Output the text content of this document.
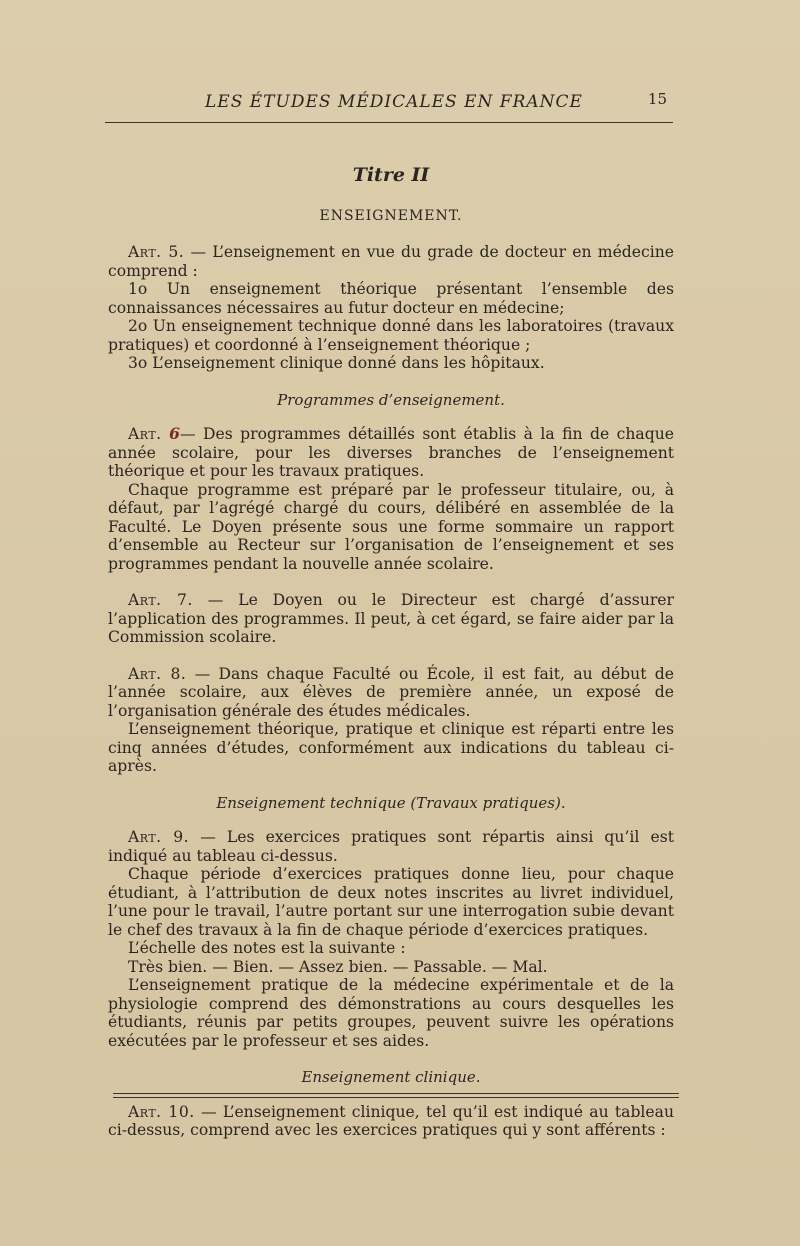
LES ÉTUDES MÉDICALES EN FRANCE	15
Titre II
ENSEIGNEMENT.

Art. 5. — L’enseignement en vue du grade de docteur en médecine comprend :

1o Un enseignement théorique présentant l’ensemble des connaissances nécessaires au futur docteur en médecine;

2o Un enseignement technique donné dans les laboratoires (travaux pratiques) et coordonné à l’enseignement théorique ;

3o L’enseignement clinique donné dans les hôpitaux.

Programmes d’enseignement.

Art. 6— Des programmes détaillés sont établis à la fin de chaque année scolaire, pour les diverses branches de l’enseignement théorique et pour les travaux pratiques.

Chaque programme est préparé par le professeur titulaire, ou, à défaut, par l’agrégé chargé du cours, délibéré en assemblée de la Faculté. Le Doyen présente sous une forme sommaire un rapport d’ensemble au Recteur sur l’organisation de l’enseignement et ses programmes pendant la nouvelle année scolaire.

Art. 7. — Le Doyen ou le Directeur est chargé d’assurer l’application des programmes. Il peut, à cet égard, se faire aider par la Commission scolaire.

Art. 8. — Dans chaque Faculté ou École, il est fait, au début de l’année scolaire, aux élèves de première année, un exposé de l’organisation générale des études médicales.

L’enseignement théorique, pratique et clinique est réparti entre les cinq années d’études, conformément aux indications du tableau ci-après.

Enseignement technique (Travaux pratiques).

Art. 9. — Les exercices pratiques sont répartis ainsi qu’il est indiqué au tableau ci-dessus.

Chaque période d’exercices pratiques donne lieu, pour chaque étudiant, à l’attribution de deux notes inscrites au livret individuel, l’une pour le travail, l’autre portant sur une interrogation subie devant le chef des travaux à la fin de chaque période d’exercices pratiques.

L’échelle des notes est la suivante :

Très bien. — Bien. — Assez bien. — Passable. — Mal.

L’enseignement pratique de la médecine expérimentale et de la physiologie comprend des démonstrations au cours desquelles les étudiants, réunis par petits groupes, peuvent suivre les opérations exécutées par le professeur et ses aides.

Enseignement clinique.

Art. 10. — L’enseignement clinique, tel qu’il est indiqué au tableau ci-dessus, comprend avec les exercices pratiques qui y sont afférents :
